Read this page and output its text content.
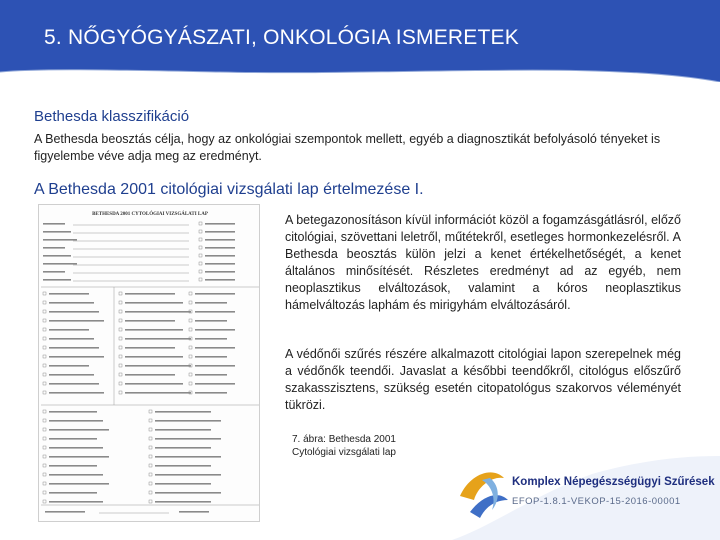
5. NŐGYÓGYÁSZATI, ONKOLÓGIA ISMERETEK
Bethesda klasszifikáció
A Bethesda beosztás célja, hogy az onkológiai szempontok mellett, egyéb a diagnosztikát befolyásoló tényeket is figyelembe véve adja meg az eredményt.
A Bethesda 2001 citológiai vizsgálati lap értelmezése I.
BETHESDA 2001 CYTOLÓGIAI VIZSGÁLATI LAP	A betegazonosításon kívül információt közöl a fogamzásgátlásról, előző citológiai, szövettani leletről, műtétekről, esetleges hormonkezelésről. A Bethesda beosztás külön jelzi a kenet értékelhetőségét, a kenet általános minősítését. Részletes eredményt ad az egyéb, nem neoplasztikus elváltozások, valamint a kóros neoplasztikus hámelváltozás laphám és mirigyhám elváltozásáról.
A védőnői szűrés részére alkalmazott citológiai lapon szerepelnek még a védőnők teendői. Javaslat a későbbi teendőkről, citológus előszűrő szakasszisztens, szükség esetén citopatológus szakorvos véleményét tükrözi.
7. ábra: Bethesda 2001 Cytológiai vizsgálati lap
Komplex Népegészségügyi Szűrések
EFOP-1.8.1-VEKOP-15-2016-00001
